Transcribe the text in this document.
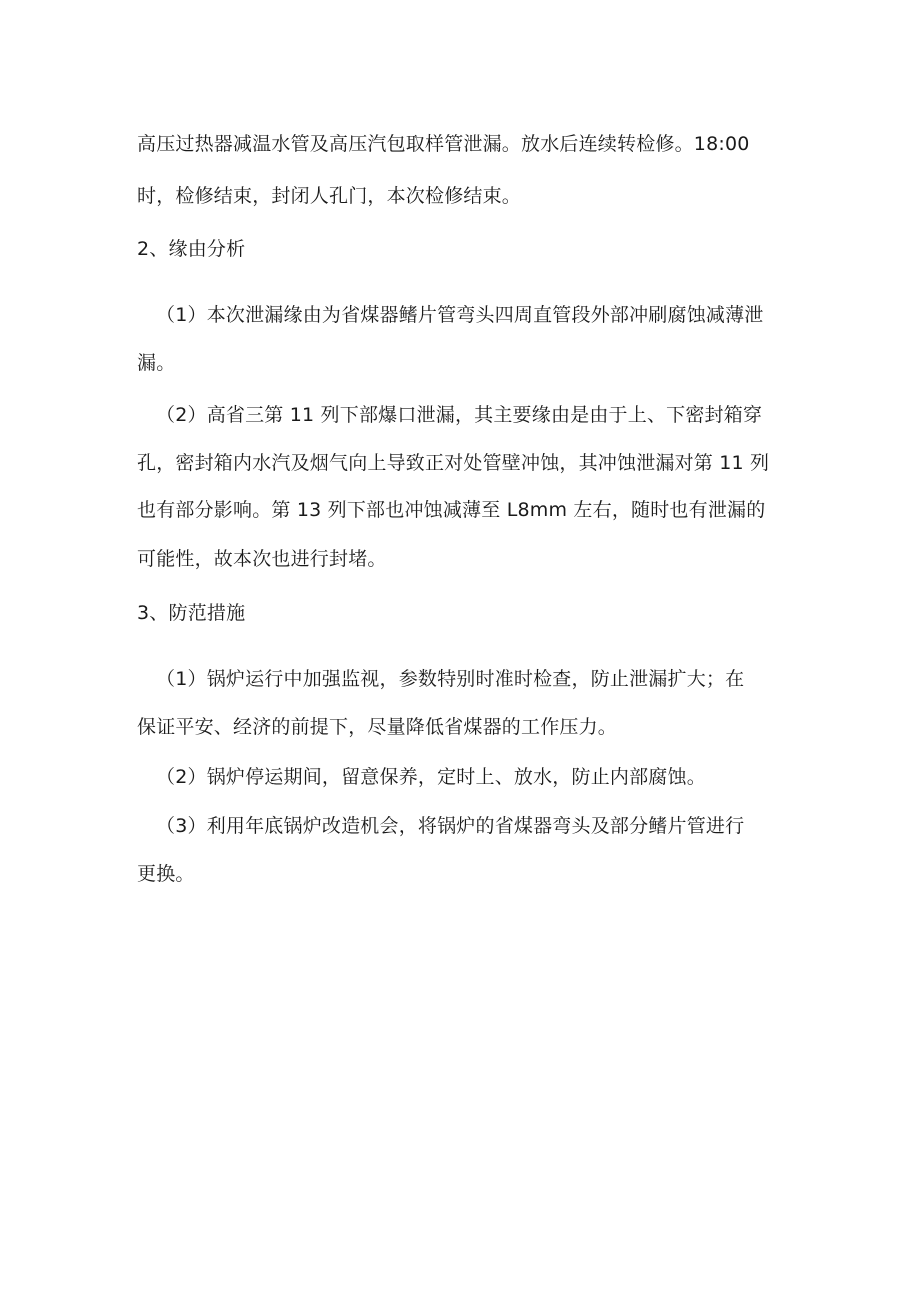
高压过热器减温水管及高压汽包取样管泄漏。放水后连续转检修。18:00
时，检修结束，封闭人孔门，本次检修结束。
2、缘由分析
（1）本次泄漏缘由为省煤器鳍片管弯头四周直管段外部冲刷腐蚀减薄泄
漏。
（2）高省三第 11 列下部爆口泄漏，其主要缘由是由于上、下密封箱穿
孔，密封箱内水汽及烟气向上导致正对处管壁冲蚀，其冲蚀泄漏对第 11 列
也有部分影响。第 13 列下部也冲蚀减薄至 L8mm 左右，随时也有泄漏的
可能性，故本次也进行封堵。
3、防范措施
（1）锅炉运行中加强监视，参数特别时准时检查，防止泄漏扩大；在
保证平安、经济的前提下，尽量降低省煤器的工作压力。
（2）锅炉停运期间，留意保养，定时上、放水，防止内部腐蚀。
（3）利用年底锅炉改造机会，将锅炉的省煤器弯头及部分鳍片管进行
更换。
